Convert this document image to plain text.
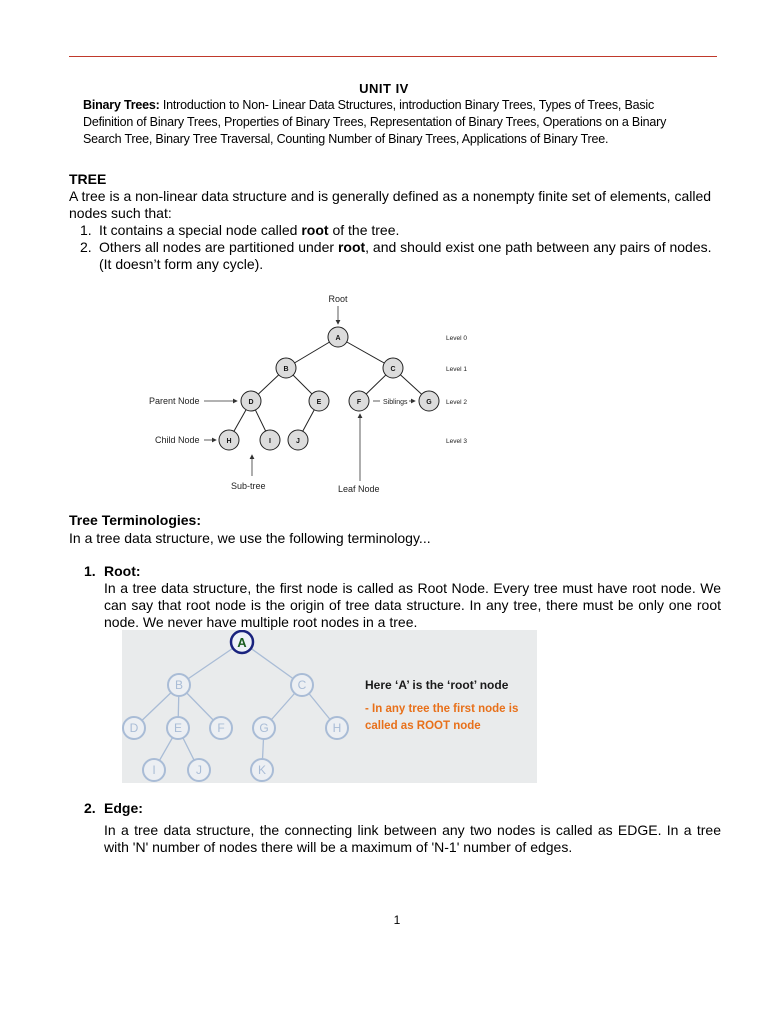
UNIT IV
Binary Trees: Introduction to Non- Linear Data Structures, introduction Binary Trees, Types of Trees, Basic Definition of Binary Trees, Properties of Binary Trees, Representation of Binary Trees, Operations on a Binary Search Tree, Binary Tree Traversal, Counting Number of Binary Trees, Applications of Binary Tree.
TREE
A tree is a non-linear data structure and is generally defined as a nonempty finite set of elements, called nodes such that:
1. It contains a special node called root of the tree.
2. Others all nodes are partitioned under root, and should exist one path between any pairs of nodes. (It doesn’t form any cycle).
A
B	C
D	E	F	G
H	I	J
Root
Parent Node
Child Node
Sub-tree	Leaf Node
Siblings
Level 0
Level 1
Level 2
Level 3
Tree Terminologies:
In a tree data structure, we use the following terminology...
1. Root:
In a tree data structure, the first node is called as Root Node. Every tree must have root node. We can say that root node is the origin of tree data structure. In any tree, there must be only one root node. We never have multiple root nodes in a tree.
A
B	C
D	E	F	G	H
I	J	K
Here ‘A’ is the ‘root’ node
- In any tree the first node is
called as ROOT node
2. Edge:
In a tree data structure, the connecting link between any two nodes is called as EDGE. In a tree with 'N' number of nodes there will be a maximum of 'N-1' number of edges.
1
